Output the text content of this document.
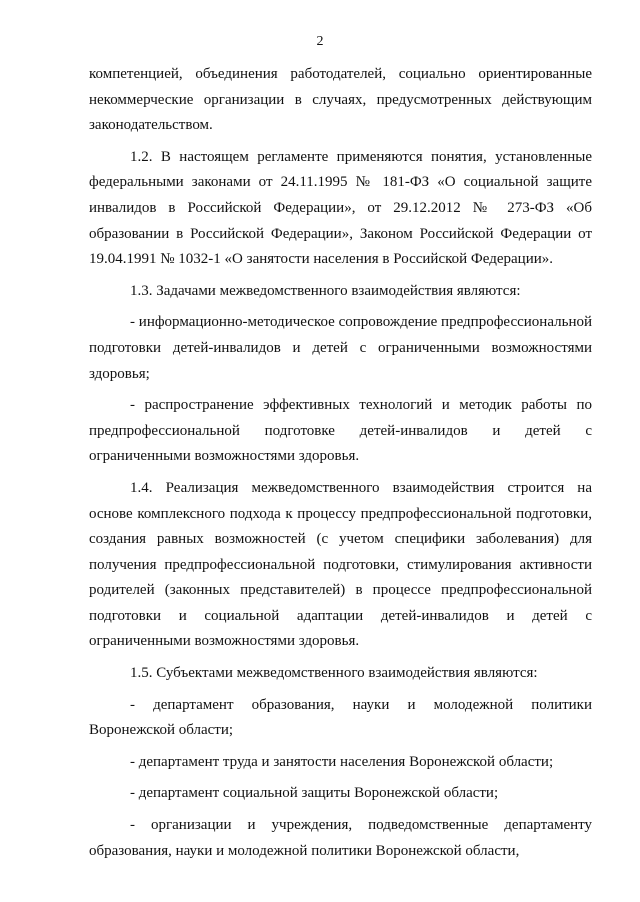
2

компетенцией, объединения работодателей, социально ориентированные некоммерческие организации в случаях, предусмотренных действующим законодательством.

1.2. В настоящем регламенте применяются понятия, установленные федеральными законами от 24.11.1995 № 181-ФЗ «О социальной защите инвалидов в Российской Федерации», от 29.12.2012 № 273-ФЗ «Об образовании в Российской Федерации», Законом Российской Федерации от 19.04.1991 № 1032-1 «О занятости населения в Российской Федерации».

1.3. Задачами межведомственного взаимодействия являются:

- информационно-методическое сопровождение предпрофессиональной подготовки детей-инвалидов и детей с ограниченными возможностями здоровья;

- распространение эффективных технологий и методик работы по предпрофессиональной подготовке детей-инвалидов и детей с ограниченными возможностями здоровья.

1.4. Реализация межведомственного взаимодействия строится на основе комплексного подхода к процессу предпрофессиональной подготовки, создания равных возможностей (с учетом специфики заболевания) для получения предпрофессиональной подготовки, стимулирования активности родителей (законных представителей) в процессе предпрофессиональной подготовки и социальной адаптации детей-инвалидов и детей с ограниченными возможностями здоровья.

1.5. Субъектами межведомственного взаимодействия являются:

- департамент образования, науки и молодежной политики Воронежской области;

- департамент труда и занятости населения Воронежской области;

- департамент социальной защиты Воронежской области;

- организации и учреждения, подведомственные департаменту образования, науки и молодежной политики Воронежской области,
